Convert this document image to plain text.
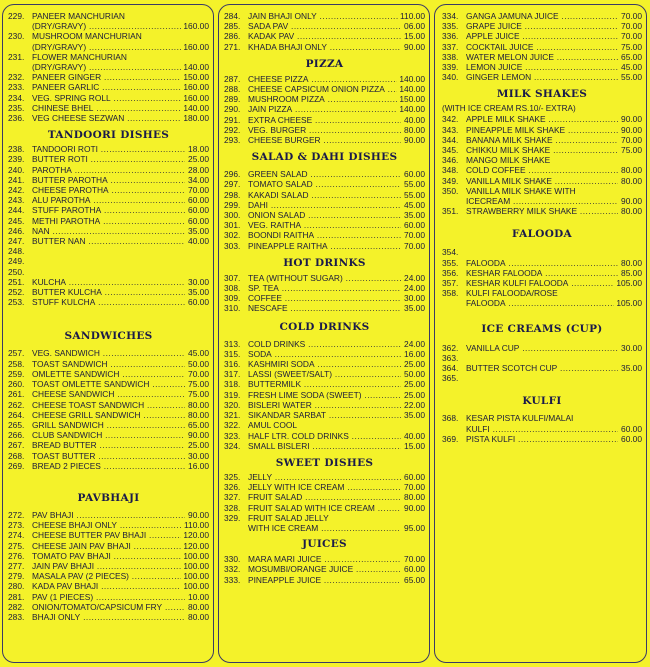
229. PANEER MANCHURIAN
(DRY/GRAVY) .....	160.00
230. MUSHROOM MANCHURIAN
(DRY/GRAVY) .....	160.00
231. FLOWER MANCHURIAN
(DRY/GRAVY) .....	140.00
232. PANEER GINGER .....	150.00
233. PANEER GARLIC .....	160.00
234. VEG. SPRING ROLL .....	160.00
235. CHINESE BHEL .....	140.00
236. VEG CHEESE SEZWAN .....	180.00
TANDOORI DISHES
238. TANDOORI ROTI .....	18.00
239. BUTTER ROTI .....	25.00
240. PAROTHA .....	28.00
241. BUTTER PAROTHA .....	34.00
242. CHEESE PAROTHA .....	70.00
243. ALU PAROTHA .....	60.00
244. STUFF PAROTHA .....	60.00
245. METHI PAROTHA .....	60.00
246. NAN .....	35.00
247. BUTTER NAN .....	40.00
248.
249.
250.
251. KULCHA .....	30.00
252. BUTTER KULCHA .....	35.00
253. STUFF KULCHA .....	60.00
SANDWICHES
257. VEG. SANDWICH .....	45.00
258. TOAST SANDWICH .....	50.00
259. OMLETTE SANDWICH .....	70.00
260. TOAST OMLETTE SANDWICH .....	75.00
261. CHEESE SANDWICH .....	75.00
262. CHEESE TOAST SANDWICH .....	80.00
264. CHEESE GRILL SANDWICH .....	80.00
265. GRILL SANDWICH .....	65.00
266. CLUB SANDWICH .....	90.00
267. BREAD BUTTER .....	25.00
268. TOAST BUTTER .....	30.00
269. BREAD 2 PIECES .....	16.00
PAVBHAJI
272. PAV BHAJI .....	90.00
273. CHEESE BHAJI ONLY .....	110.00
274. CHEESE BUTTER PAV BHAJI .....	120.00
275. CHEESE JAIN PAV BHAJI .....	120.00
276. TOMATO PAV BHAJI .....	100.00
277. JAIN PAV BHAJI .....	100.00
279. MASALA PAV (2 PIECES) .....	100.00
280. KADA PAV BHAJI .....	100.00
281. PAV (1 PIECES) .....	10.00
282. ONION/TOMATO/CAPSICUM FRY .....	80.00
283. BHAJI ONLY .....	80.00
284. JAIN BHAJI ONLY .....	110.00
285. SADA PAV .....	06.00
286. KADAK PAV .....	15.00
271. KHADA BHAJI ONLY .....	90.00
PIZZA
287. CHEESE PIZZA .....	140.00
288. CHEESE CAPSICUM ONION PIZZA .....	140.00
289. MUSHROOM PIZZA .....	150.00
290. JAIN PIZZA .....	140.00
291. EXTRA CHEESE .....	40.00
292. VEG. BURGER .....	80.00
293. CHEESE BURGER .....	90.00
SALAD & DAHI DISHES
296. GREEN SALAD .....	60.00
297. TOMATO SALAD .....	55.00
298. KAKADI SALAD .....	55.00
299. DAHI .....	45.00
300. ONION SALAD .....	35.00
301. VEG. RAITHA .....	60.00
302. BOONDI RAITHA .....	70.00
303. PINEAPPLE RAITHA .....	70.00
HOT DRINKS
307. TEA (WITHOUT SUGAR) .....	24.00
308. SP. TEA .....	24.00
309. COFFEE .....	30.00
310. NESCAFE .....	35.00
COLD DRINKS
313. COLD DRINKS .....	24.00
315. SODA .....	16.00
316. KASHMIRI SODA .....	25.00
317. LASSI (SWEET/SALT) .....	50.00
318. BUTTERMILK .....	25.00
319. FRESH LIME SODA (SWEET) .....	25.00
320. BISLERI WATER .....	22.00
321. SIKANDAR SARBAT .....	35.00
322. AMUL COOL
323. HALF LTR. COLD DRINKS .....	40.00
324. SMALL BISLERI .....	15.00
SWEET DISHES
325. JELLY .....	60.00
326. JELLY WITH ICE CREAM .....	70.00
327. FRUIT SALAD .....	80.00
328. FRUIT SALAD WITH ICE CREAM .....	90.00
329. FRUIT SALAD JELLY
WITH ICE CREAM .....	95.00
JUICES
330. MARA MARI JUICE .....	70.00
332. MOSUMBI/ORANGE JUICE .....	60.00
333. PINEAPPLE JUICE .....	65.00
334. GANGA JAMUNA JUICE .....	70.00
335. GRAPE JUICE .....	70.00
336. APPLE JUICE .....	70.00
337. COCKTAIL JUICE .....	75.00
338. WATER MELON JUICE .....	65.00
339. LEMON JUICE .....	45.00
340. GINGER LEMON .....	55.00
MILK SHAKES
(WITH ICE CREAM RS.10/- EXTRA)
342. APPLE MILK SHAKE .....	90.00
343. PINEAPPLE MILK SHAKE .....	90.00
344. BANANA MILK SHAKE .....	70.00
345. CHIKKU MILK SHAKE .....	75.00
346. MANGO MILK SHAKE
348. COLD COFFEE .....	80.00
349. VANILLA MILK SHAKE .....	80.00
350. VANILLA MILK SHAKE WITH
ICECREAM .....	90.00
351. STRAWBERRY MILK SHAKE .....	80.00
FALOODA
354.
355. FALOODA .....	80.00
356. KESHAR FALOODA .....	85.00
357. KESHAR KULFI FALOODA .....	105.00
358. KULFI FALOODA/ROSE
FALOODA .....	105.00
ICE CREAMS (CUP)
362. VANILLA CUP .....	30.00
363.
364. BUTTER SCOTCH CUP .....	35.00
365.
KULFI
368. KESAR PISTA KULFI/MALAI
KULFI .....	60.00
369. PISTA KULFI .....	60.00
